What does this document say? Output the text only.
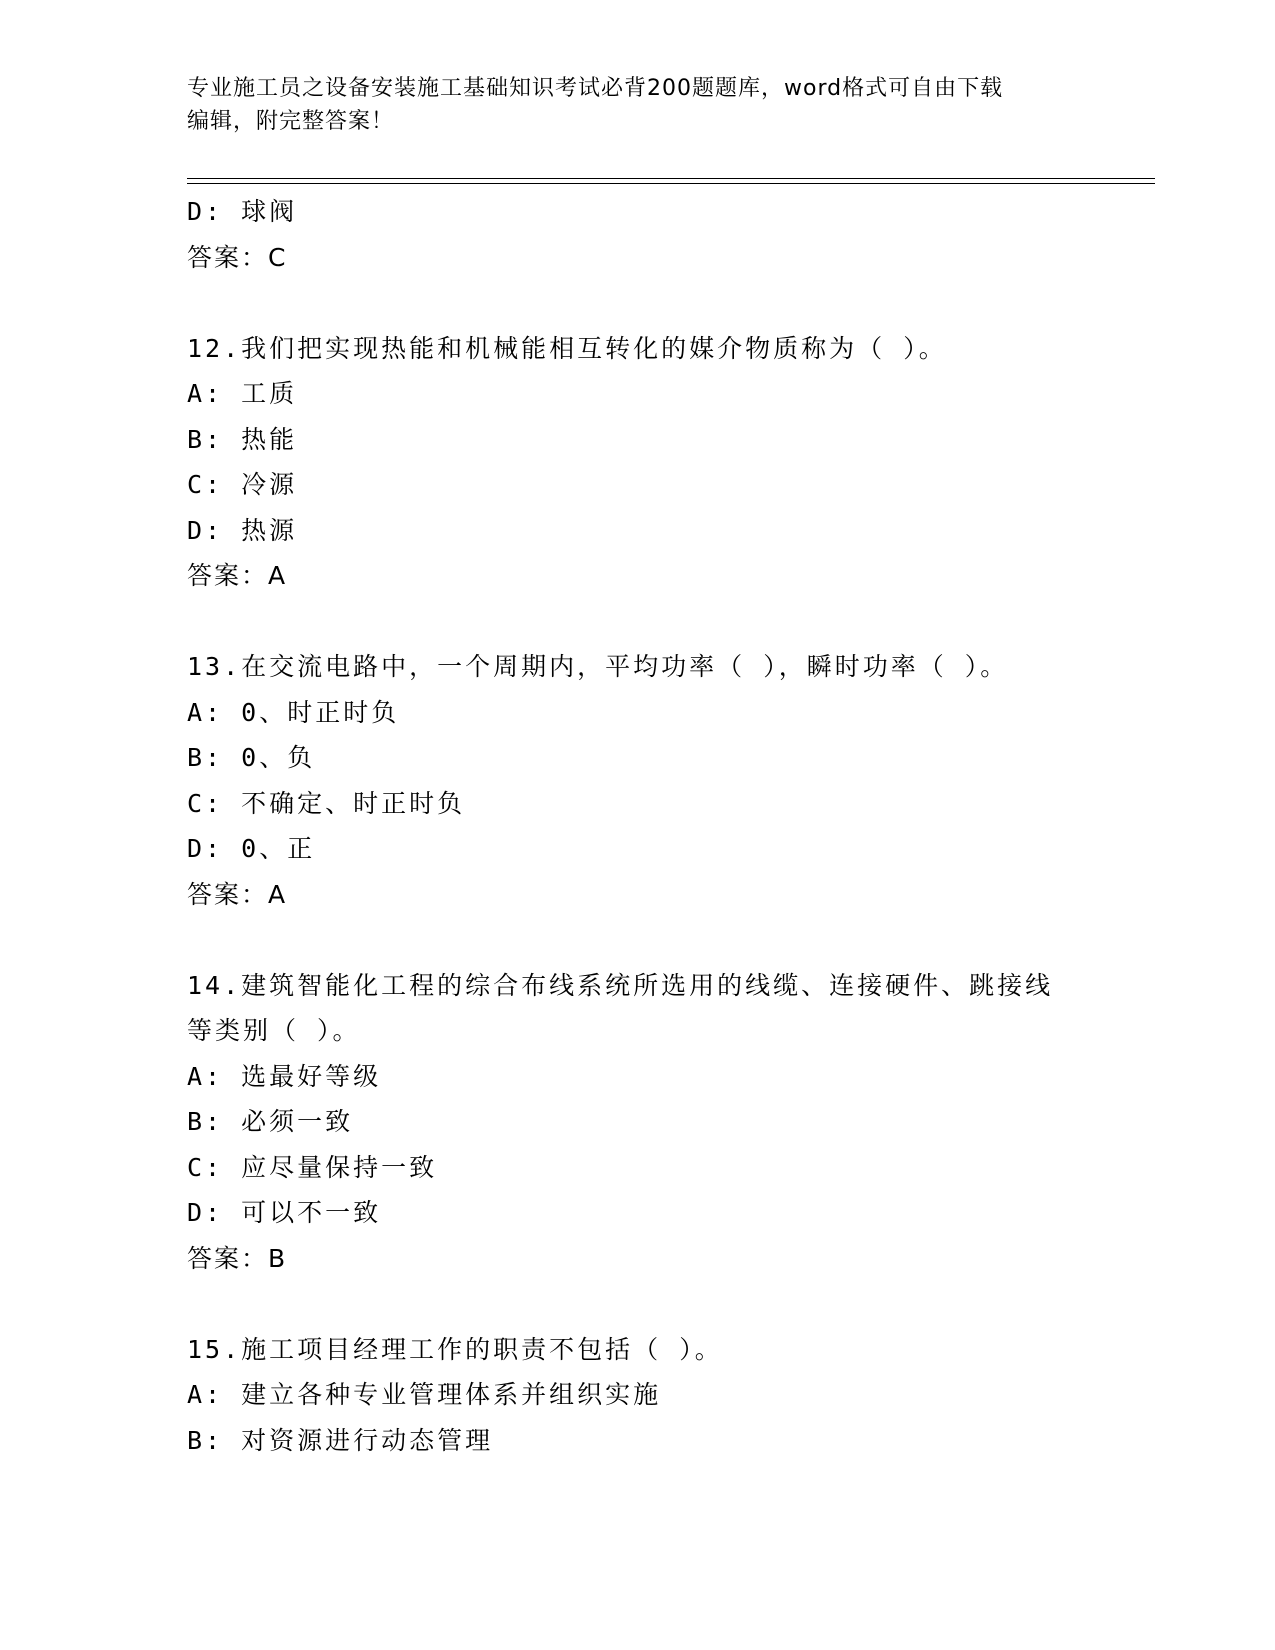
专业施工员之设备安装施工基础知识考试必背200题题库，word格式可自由下载
编辑，附完整答案！
D: 球阀
答案：C
12.我们把实现热能和机械能相互转化的媒介物质称为（ ）。
A: 工质
B: 热能
C: 冷源
D: 热源
答案：A
13.在交流电路中，一个周期内，平均功率（ ），瞬时功率（ ）。
A: 0、时正时负
B: 0、负
C: 不确定、时正时负
D: 0、正
答案：A
14.建筑智能化工程的综合布线系统所选用的线缆、连接硬件、跳接线
等类别（ ）。
A: 选最好等级
B: 必须一致
C: 应尽量保持一致
D: 可以不一致
答案：B
15.施工项目经理工作的职责不包括（ ）。
A: 建立各种专业管理体系并组织实施
B: 对资源进行动态管理
